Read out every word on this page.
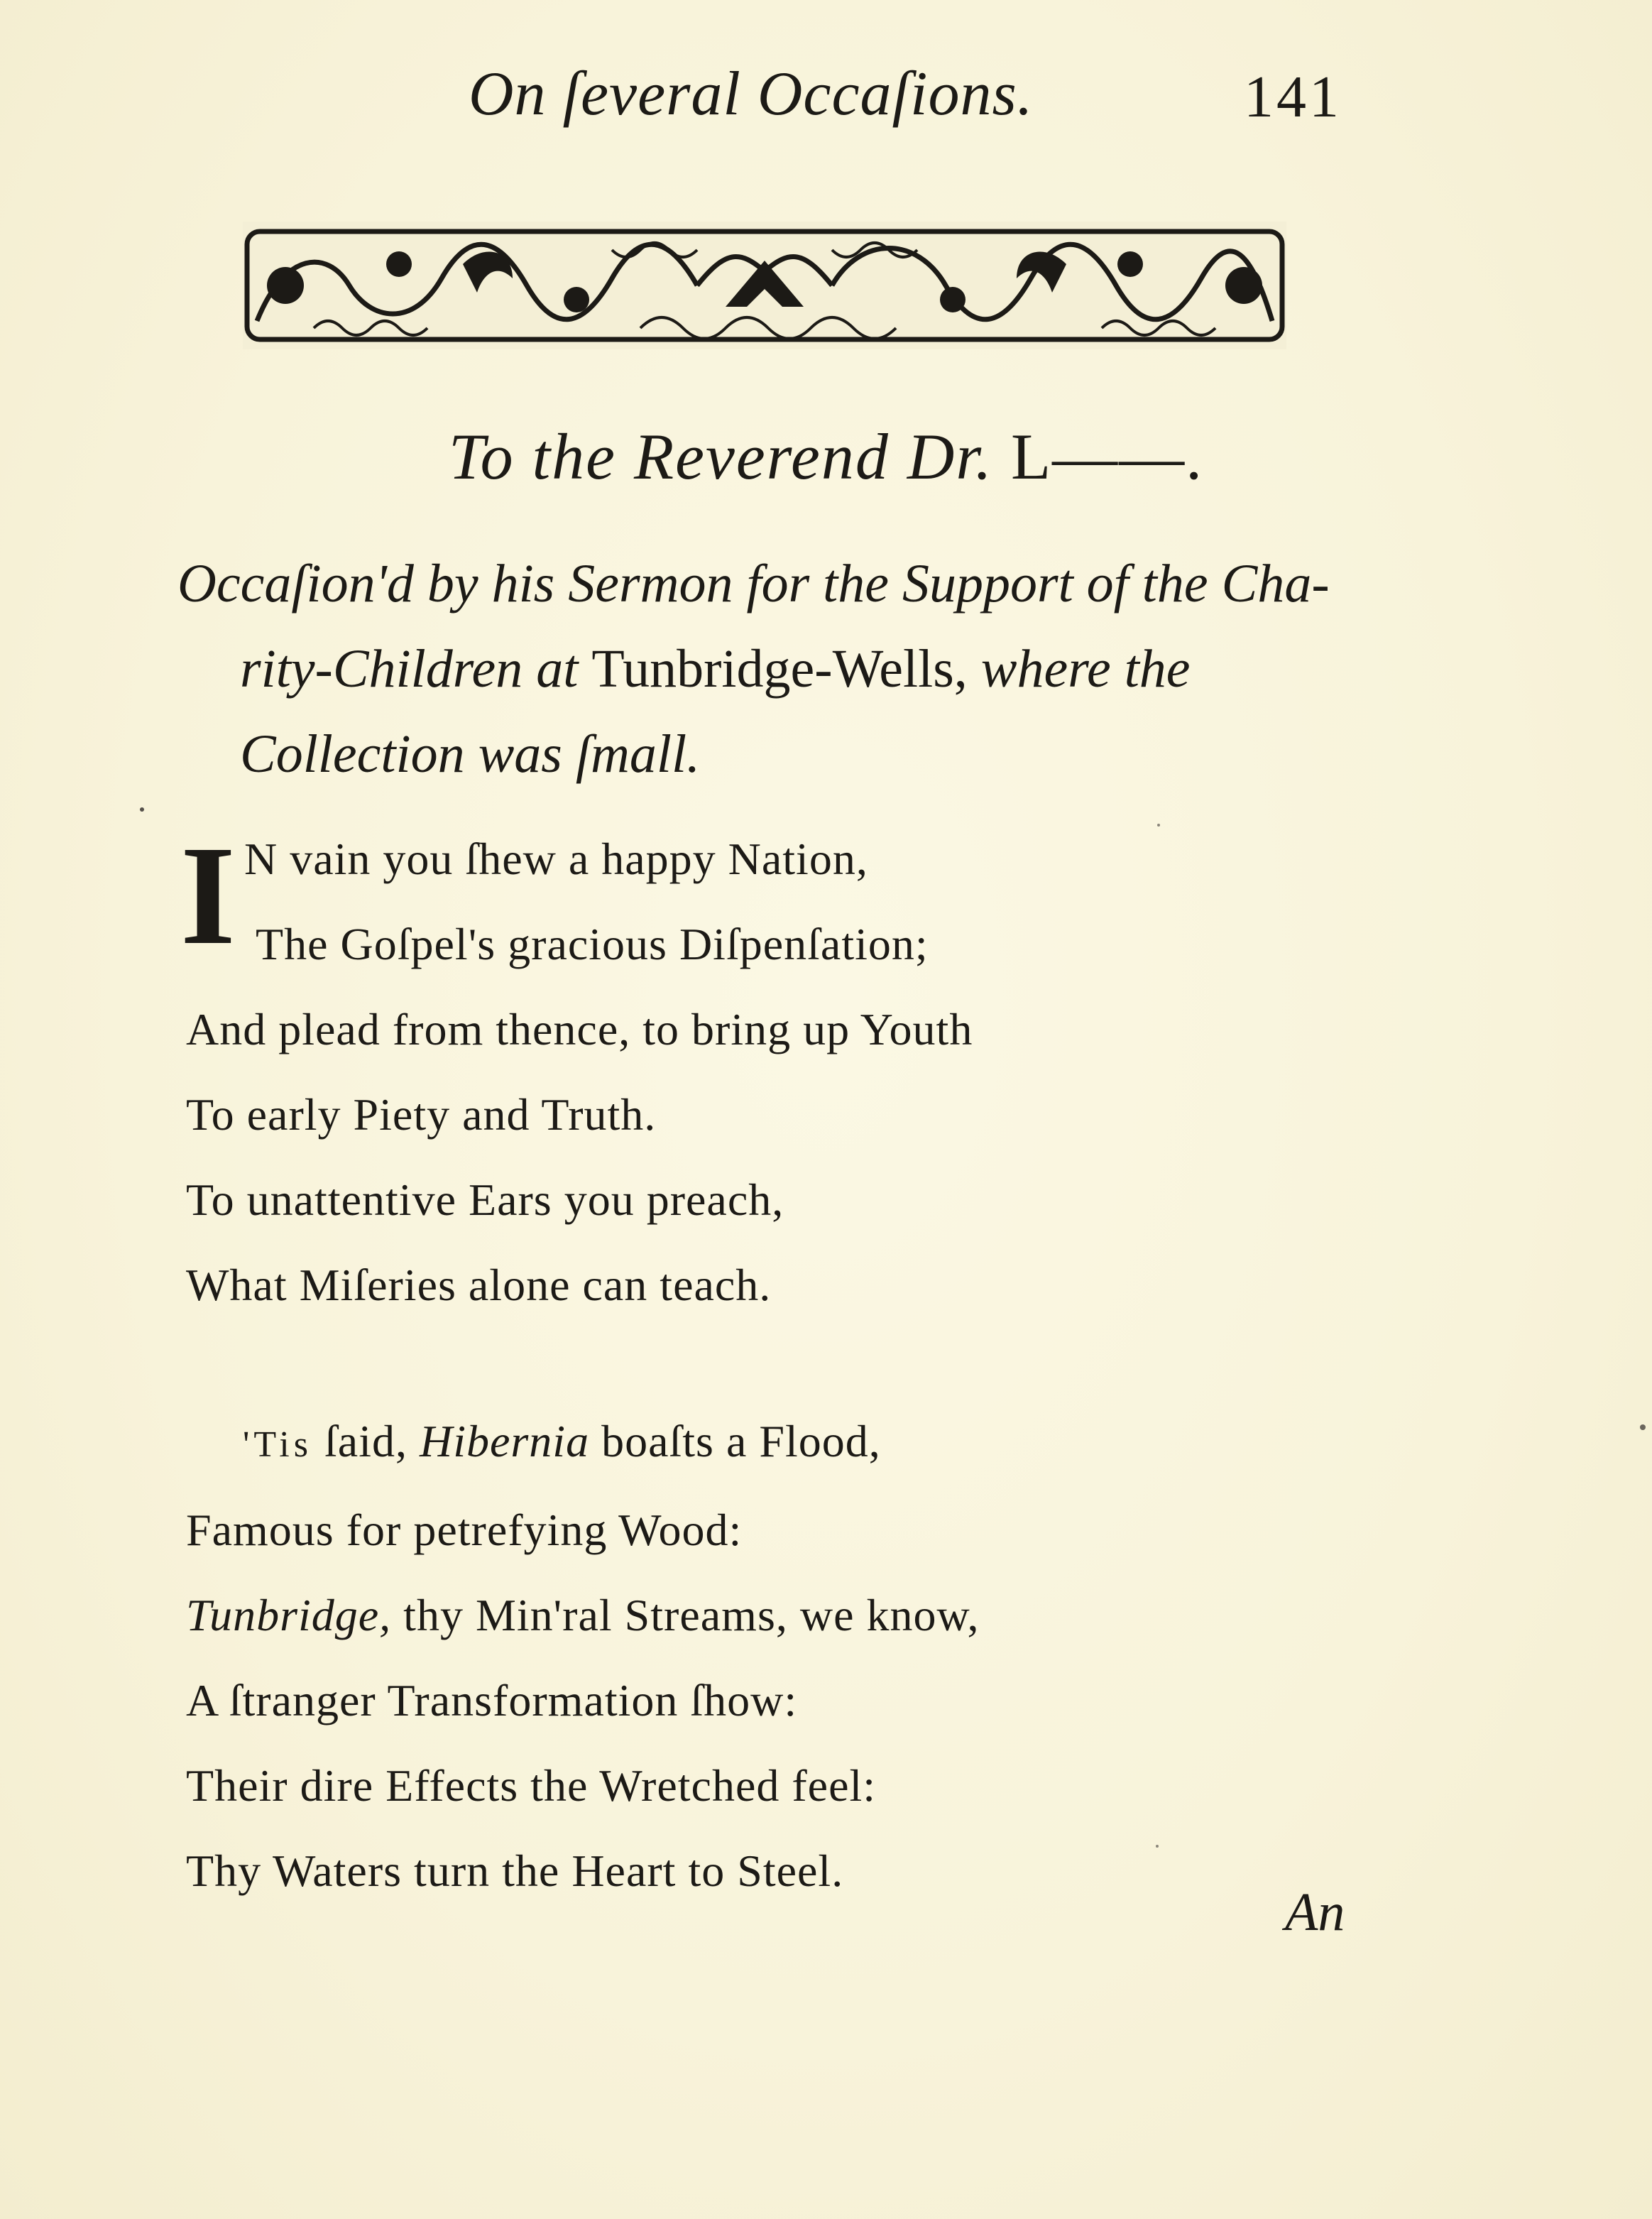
On ſeveral Occaſions.	141
To the Reverend Dr. L——.
Occaſion'd by his Sermon for the Support of the Cha-
rity-Children at Tunbridge-Wells, where the
Collection was ſmall.
I N vain you ſhew a happy Nation,
The Goſpel's gracious Diſpenſation;
And plead from thence, to bring up Youth
To early Piety and Truth.
To unattentive Ears you preach,
What Miſeries alone can teach.
'Tis ſaid, Hibernia boaſts a Flood,
Famous for petrefying Wood:
Tunbridge, thy Min'ral Streams, we know,
A ſtranger Transformation ſhow:
Their dire Effects the Wretched feel:
Thy Waters turn the Heart to Steel.
An
